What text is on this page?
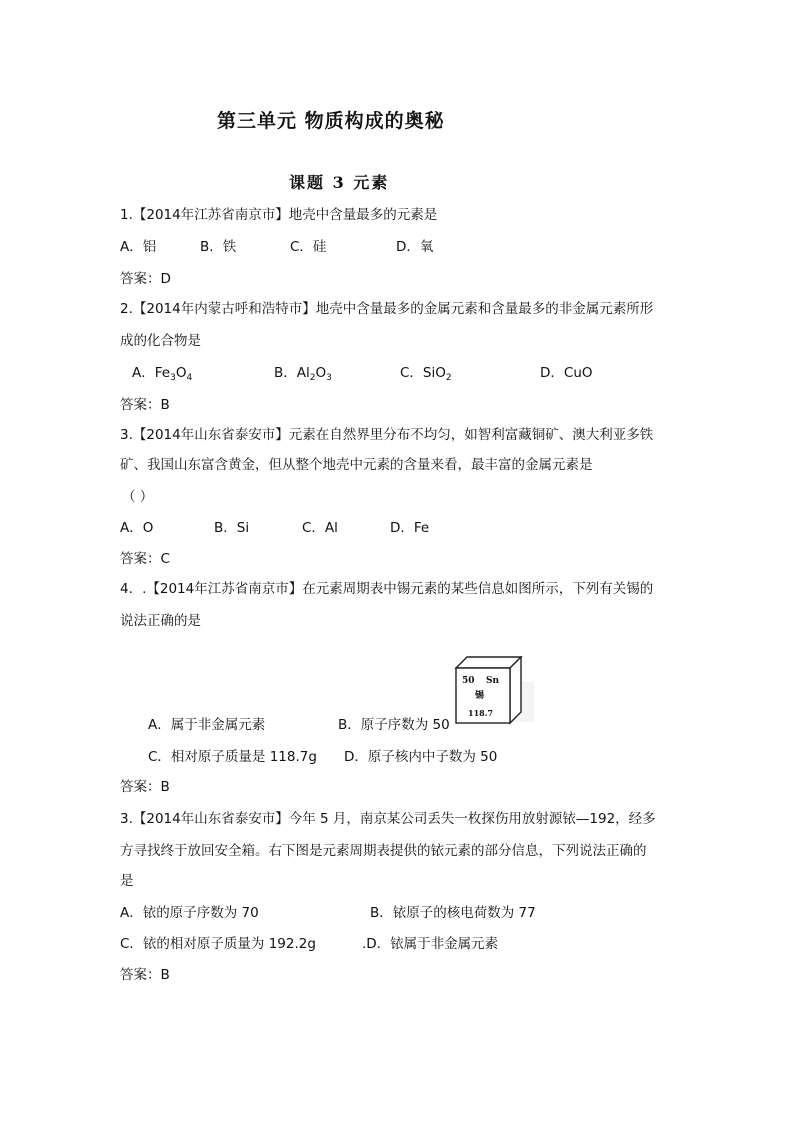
第三单元 物质构成的奥秘
课题 3 元素
1.【2014年江苏省南京市】地壳中含量最多的元素是
A．铝	B．铁	C．硅	D．氧
答案：D
2.【2014年内蒙古呼和浩特市】地壳中含量最多的金属元素和含量最多的非金属元素所形
成的化合物是
A．$Fe_3O_4$	B．$Al_2O_3$	C．SiO$_2$	D．CuO
答案：B
3.【2014年山东省泰安市】元素在自然界里分布不均匀，如智利富藏铜矿、澳大利亚多铁
矿、我国山东富含黄金，但从整个地壳中元素的含量来看，最丰富的金属元素是
（ ）
A．O	B．Si	C．Al	D．Fe
答案：C
4．.【2014年江苏省南京市】在元素周期表中锡元素的某些信息如图所示，下列有关锡的
说法正确的是
50 Sn
锡
118.7
A．属于非金属元素	B．原子序数为 50
C．相对原子质量是 118.7g D．原子核内中子数为 50
答案：B
3.【2014年山东省泰安市】今年 5 月，南京某公司丢失一枚探伤用放射源铱—192，经多
方寻找终于放回安全箱。右下图是元素周期表提供的铱元素的部分信息，下列说法正确的
是
A．铱的原子序数为 70	B．铱原子的核电荷数为 77
C．铱的相对原子质量为 192.2g	.D．铱属于非金属元素
答案：B
